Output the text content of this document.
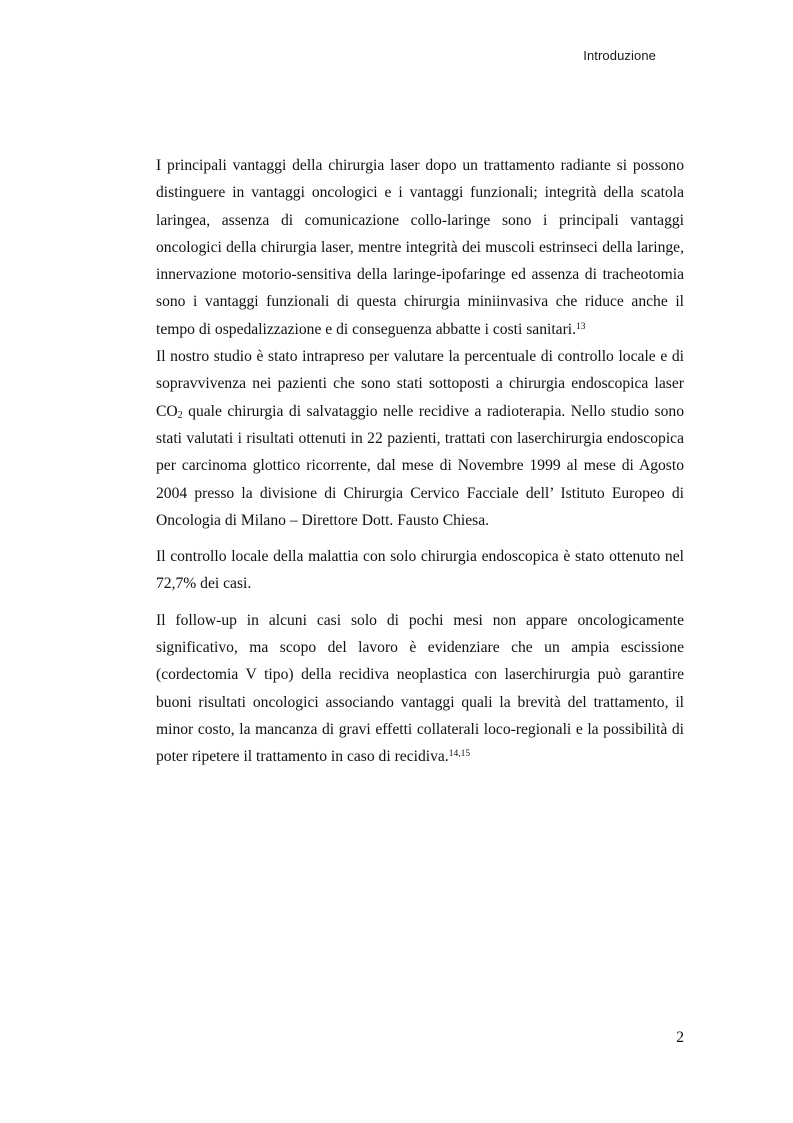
Introduzione

I principali vantaggi della chirurgia laser dopo un trattamento radiante si possono distinguere in vantaggi oncologici e i vantaggi funzionali; integrità della scatola laringea, assenza di comunicazione collo-laringe sono i principali vantaggi oncologici della chirurgia laser, mentre integrità dei muscoli estrinseci della laringe, innervazione motorio-sensitiva della laringe-ipofaringe ed assenza di tracheotomia sono i vantaggi funzionali di questa chirurgia miniinvasiva che riduce anche il tempo di ospedalizzazione e di conseguenza abbatte i costi sanitari.$^{13}$

Il nostro studio è stato intrapreso per valutare la percentuale di controllo locale e di sopravvivenza nei pazienti che sono stati sottoposti a chirurgia endoscopica laser $CO_2$ quale chirurgia di salvataggio nelle recidive a radioterapia. Nello studio sono stati valutati i risultati ottenuti in 22 pazienti, trattati con laserchirurgia endoscopica per carcinoma glottico ricorrente, dal mese di Novembre 1999 al mese di Agosto 2004 presso la divisione di Chirurgia Cervico Facciale dell’ Istituto Europeo di Oncologia di Milano – Direttore Dott. Fausto Chiesa.

Il controllo locale della malattia con solo chirurgia endoscopica è stato ottenuto nel 72,7% dei casi.

Il follow-up in alcuni casi solo di pochi mesi non appare oncologicamente significativo, ma scopo del lavoro è evidenziare che un ampia escissione (cordectomia V tipo) della recidiva neoplastica con laserchirurgia può garantire buoni risultati oncologici associando vantaggi quali la brevità del trattamento, il minor costo, la mancanza di gravi effetti collaterali loco-regionali e la possibilità di poter ripetere il trattamento in caso di recidiva.$^{14,15}$

2
